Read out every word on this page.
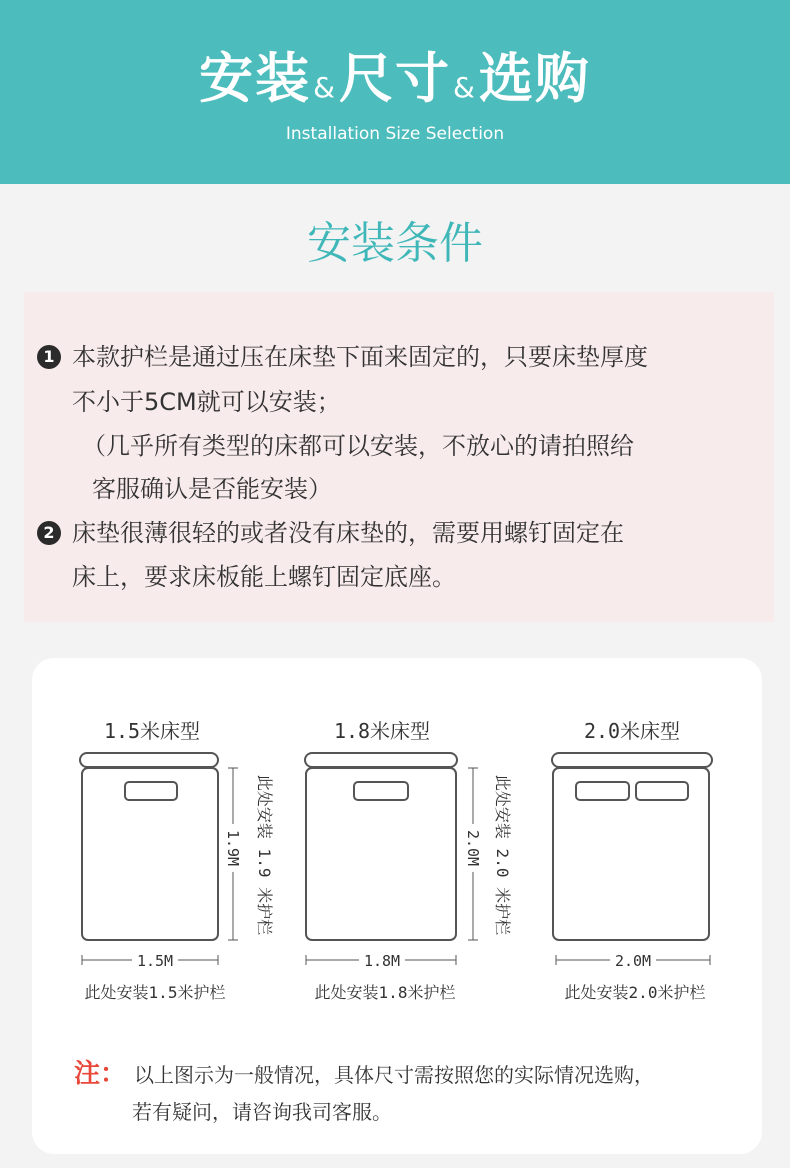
安装&尺寸&选购
Installation Size Selection
安装条件
1 本款护栏是通过压在床垫下面来固定的，只要床垫厚度
不小于5CM就可以安装；
（几乎所有类型的床都可以安装，不放心的请拍照给
客服确认是否能安装）
2 床垫很薄很轻的或者没有床垫的，需要用螺钉固定在
床上，要求床板能上螺钉固定底座。
1.5米床型	1.8米床型	2.0米床型
1.5M	1.8M	2.0M
1.9M	2.0M
此处安装 1.9 米护栏	此处安装 2.0 米护栏
此处安装1.5米护栏	此处安装1.8米护栏	此处安装2.0米护栏
注： 以上图示为一般情况，具体尺寸需按照您的实际情况选购，
若有疑问，请咨询我司客服。
